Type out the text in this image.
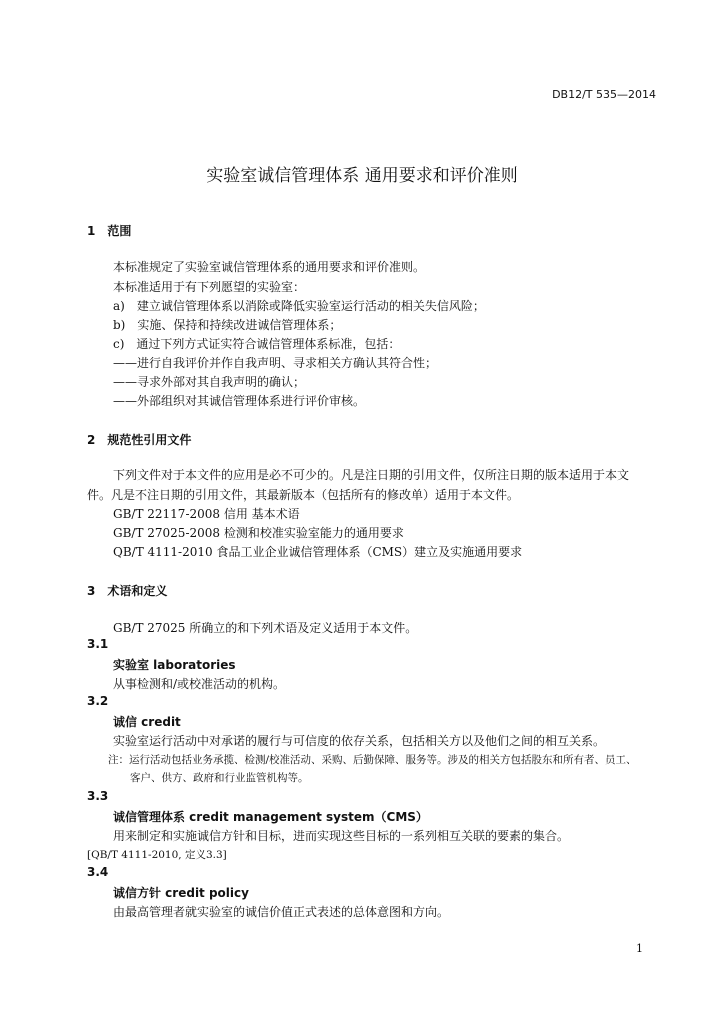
DB12/T 535—2014
实验室诚信管理体系 通用要求和评价准则
1　范围
本标准规定了实验室诚信管理体系的通用要求和评价准则。
本标准适用于有下列愿望的实验室：
a)　建立诚信管理体系以消除或降低实验室运行活动的相关失信风险；
b)　实施、保持和持续改进诚信管理体系；
c)　通过下列方式证实符合诚信管理体系标准，包括：
——进行自我评价并作自我声明、寻求相关方确认其符合性；
——寻求外部对其自我声明的确认；
——外部组织对其诚信管理体系进行评价审核。
2　规范性引用文件
下列文件对于本文件的应用是必不可少的。凡是注日期的引用文件，仅所注日期的版本适用于本文
件。凡是不注日期的引用文件，其最新版本（包括所有的修改单）适用于本文件。
GB/T 22117-2008 信用 基本术语
GB/T 27025-2008 检测和校准实验室能力的通用要求
QB/T 4111-2010 食品工业企业诚信管理体系（CMS）建立及实施通用要求
3　术语和定义
GB/T 27025 所确立的和下列术语及定义适用于本文件。
3.1
实验室 laboratories
从事检测和/或校准活动的机构。
3.2
诚信 credit
实验室运行活动中对承诺的履行与可信度的依存关系，包括相关方以及他们之间的相互关系。
注：运行活动包括业务承揽、检测/校准活动、采购、后勤保障、服务等。涉及的相关方包括股东和所有者、员工、
客户、供方、政府和行业监管机构等。
3.3
诚信管理体系 credit management system（CMS）
用来制定和实施诚信方针和目标，进而实现这些目标的一系列相互关联的要素的集合。
[QB/T 4111-2010, 定义3.3]
3.4
诚信方针 credit policy
由最高管理者就实验室的诚信价值正式表述的总体意图和方向。
1
